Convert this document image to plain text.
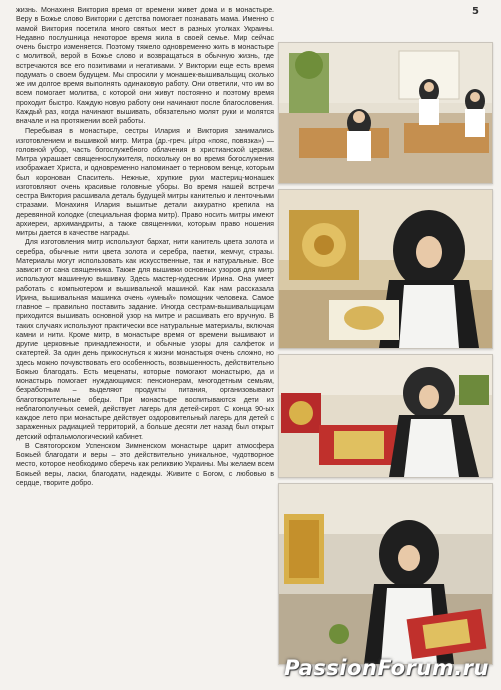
5

жизнь. Монахиня Виктория время от времени живет дома и в монастыре. Веру в Божье слово Виктории с детства помогает познавать мама. Именно с мамой Виктория посетила много святых мест в разных уголках Украины. Недавно послушница некоторое время жила в своей семье. Мир сейчас очень быстро изменяется. Поэтому тяжело одновременно жить в монастыре с молитвой, верой в Божье слово и возвращаться в обычную жизнь, где встречаются все его позитивами и негативами. У Виктории еще есть время подумать о своем будущем. Мы спросили у монашек-вышивальщиц сколько же им долгое время выполнять одинаковую работу. Они ответили, что им во всем помогает молитва, с которой они живут постоянно и поэтому время проходит быстро. Каждую новую работу они начинают после благословения. Каждый раз, когда начинают вышивать, обязательно молят руки и молятся вначале и на протяжении всей работы.

Перебывая в монастыре, сестры Илария и Виктория занимались изготовлением и вышивкой митр. Митра (др.-греч. μίτρα «пояс, повязка») — головной убор, часть богослужебного облачения в христианской церкви. Митра украшает священнослужителя, поскольку он во время богослужения изображает Христа, и одновременно напоминает о терновом венце, которым был коронован Спаситель. Нежные, хрупкие руки мастериц-монашек изготовляют очень красивые головные уборы. Во время нашей встречи сестра Виктория расшивала деталь будущей митры канителью и ленточными стразами. Монахиня Илария вышитые детали аккуратно крепила на деревянной колодке (специальная форма митр). Право носить митры имеют архиереи, архимандриты, а также священники, которым право ношения митры дается в качестве награды.

Для изготовления митр используют бархат, нити канитель цвета золота и серебра, обычные нити цвета золота и серебра, паетки, жемчуг, стразы. Материалы могут использовать как искусственные, так и натуральные. Все зависит от сана священника. Также для вышивки основных узоров для митр используют машинную вышивку. Здесь мастер-кудесник Ирина. Она умеет работать с компьютером и вышивальной машиной. Как нам рассказала Ирина, вышивальная машинка очень «умный» помощник человека. Самое главное – правильно поставить задание. Иногда сестрам-вышивальщицам приходится вышивать основной узор на митре и расшивать его вручную. В таких случаях используют практически все натуральные материалы, включая камни и нити. Кроме митр, в монастыре время от времени вышивают и другие церковные принадлежности, и обычные узоры для салфеток и скатертей. За один день прикоснуться к жизни монастыря очень сложно, но здесь можно почувствовать его особенность, возвышенность, действительно Божью благодать. Есть меценаты, которые помогают монастырю, да и монастырь помогает нуждающимся: пенсионерам, многодетным семьям, безработным – выделяют продукты питания, организовывают благотворительные обеды. При монастыре воспитываются дети из неблагополучных семей, действует лагерь для детей-сирот. С конца 90-ых каждое лето при монастыре действует оздоровительный лагерь для детей с зараженных радиацией территорий, а больше десяти лет назад был открыт детский офтальмологический кабинет.

В Святогорском Успенском Зимненском монастыре царит атмосфера Божьей благодати и веры – это действительно уникальное, чудотворное место, которое необходимо сберечь как реликвию Украины. Мы желаем всем Божьей веры, ласки, благодати, надежды. Живите с Богом, с любовью в сердце, творите добро.

PassionForum.ru
